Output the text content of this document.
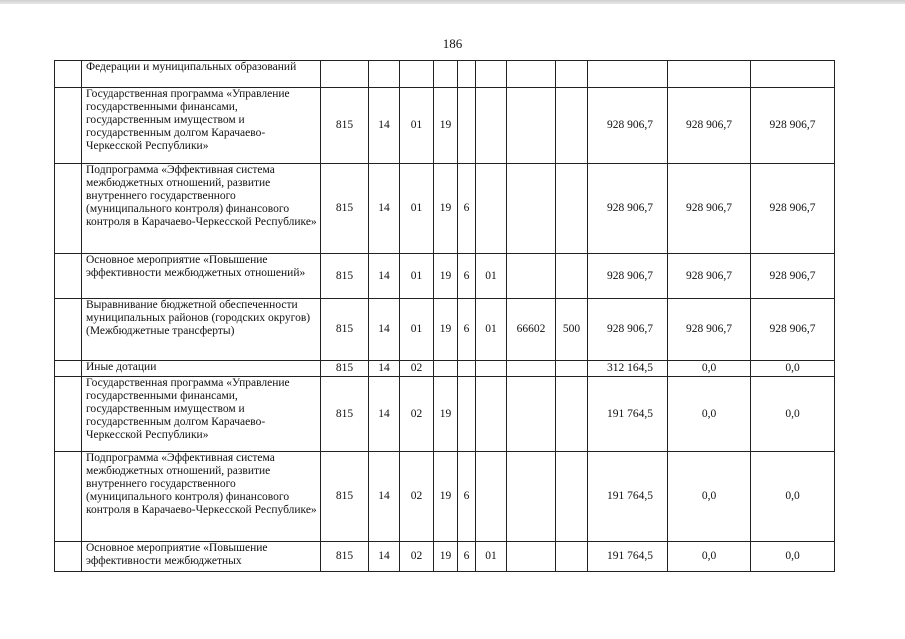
186
	Федерации и муниципальных образований											
	Государственная программа «Управление государственными финансами, государственным имуществом и государственным долгом Карачаево-Черкесской Республики»	815	14	01	19					928 906,7	928 906,7	928 906,7
	Подпрограмма «Эффективная система межбюджетных отношений, развитие внутреннего государственного (муниципального контроля) финансового контроля в Карачаево-Черкесской Республике»	815	14	01	19	6				928 906,7	928 906,7	928 906,7
	Основное мероприятие «Повышение эффективности межбюджетных отношений»	815	14	01	19	6	01			928 906,7	928 906,7	928 906,7
	Выравнивание бюджетной обеспеченности муниципальных районов (городских округов) (Межбюджетные трансферты)	815	14	01	19	6	01	66602	500	928 906,7	928 906,7	928 906,7
	Иные дотации	815	14	02						312 164,5	0,0	0,0
	Государственная программа «Управление государственными финансами, государственным имуществом и государственным долгом Карачаево-Черкесской Республики»	815	14	02	19					191 764,5	0,0	0,0
	Подпрограмма «Эффективная система межбюджетных отношений, развитие внутреннего государственного (муниципального контроля) финансового контроля в Карачаево-Черкесской Республике»	815	14	02	19	6				191 764,5	0,0	0,0
	Основное мероприятие «Повышение эффективности межбюджетных	815	14	02	19	6	01			191 764,5	0,0	0,0
